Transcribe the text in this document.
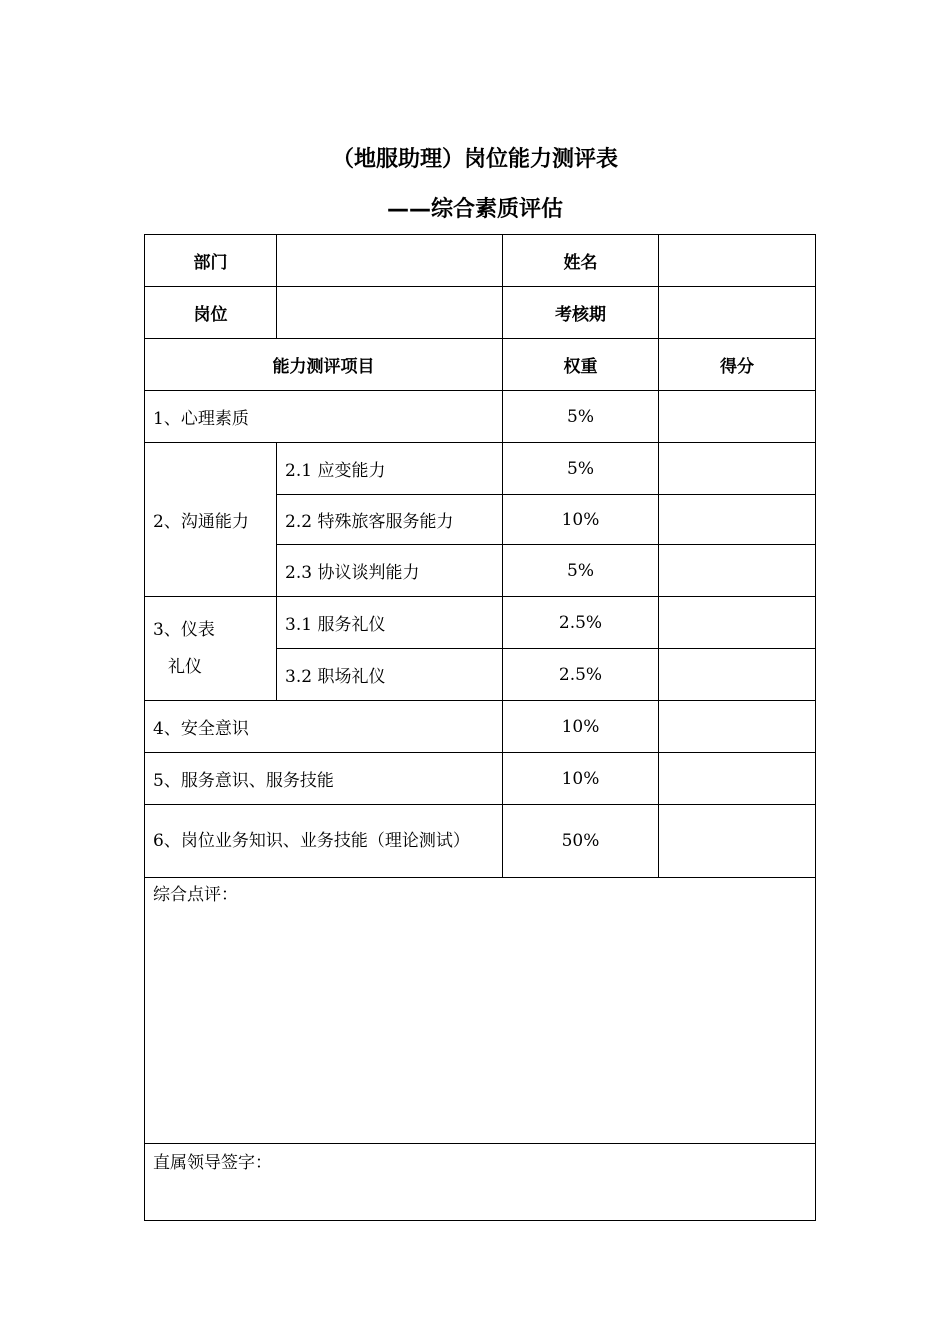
（地服助理）岗位能力测评表
——综合素质评估
部门		姓名	
岗位		考核期	
能力测评项目		权重	得分
1、心理素质		5%	
2、沟通能力	2.1 应变能力	5%	
	2.2 特殊旅客服务能力	10%	
	2.3 协议谈判能力	5%	
3、仪表
礼仪	3.1 服务礼仪	2.5%	
	3.2 职场礼仪	2.5%	
4、安全意识		10%	
5、服务意识、服务技能		10%	
6、岗位业务知识、业务技能（理论测试）		50%	
综合点评：			
直属领导签字：			
